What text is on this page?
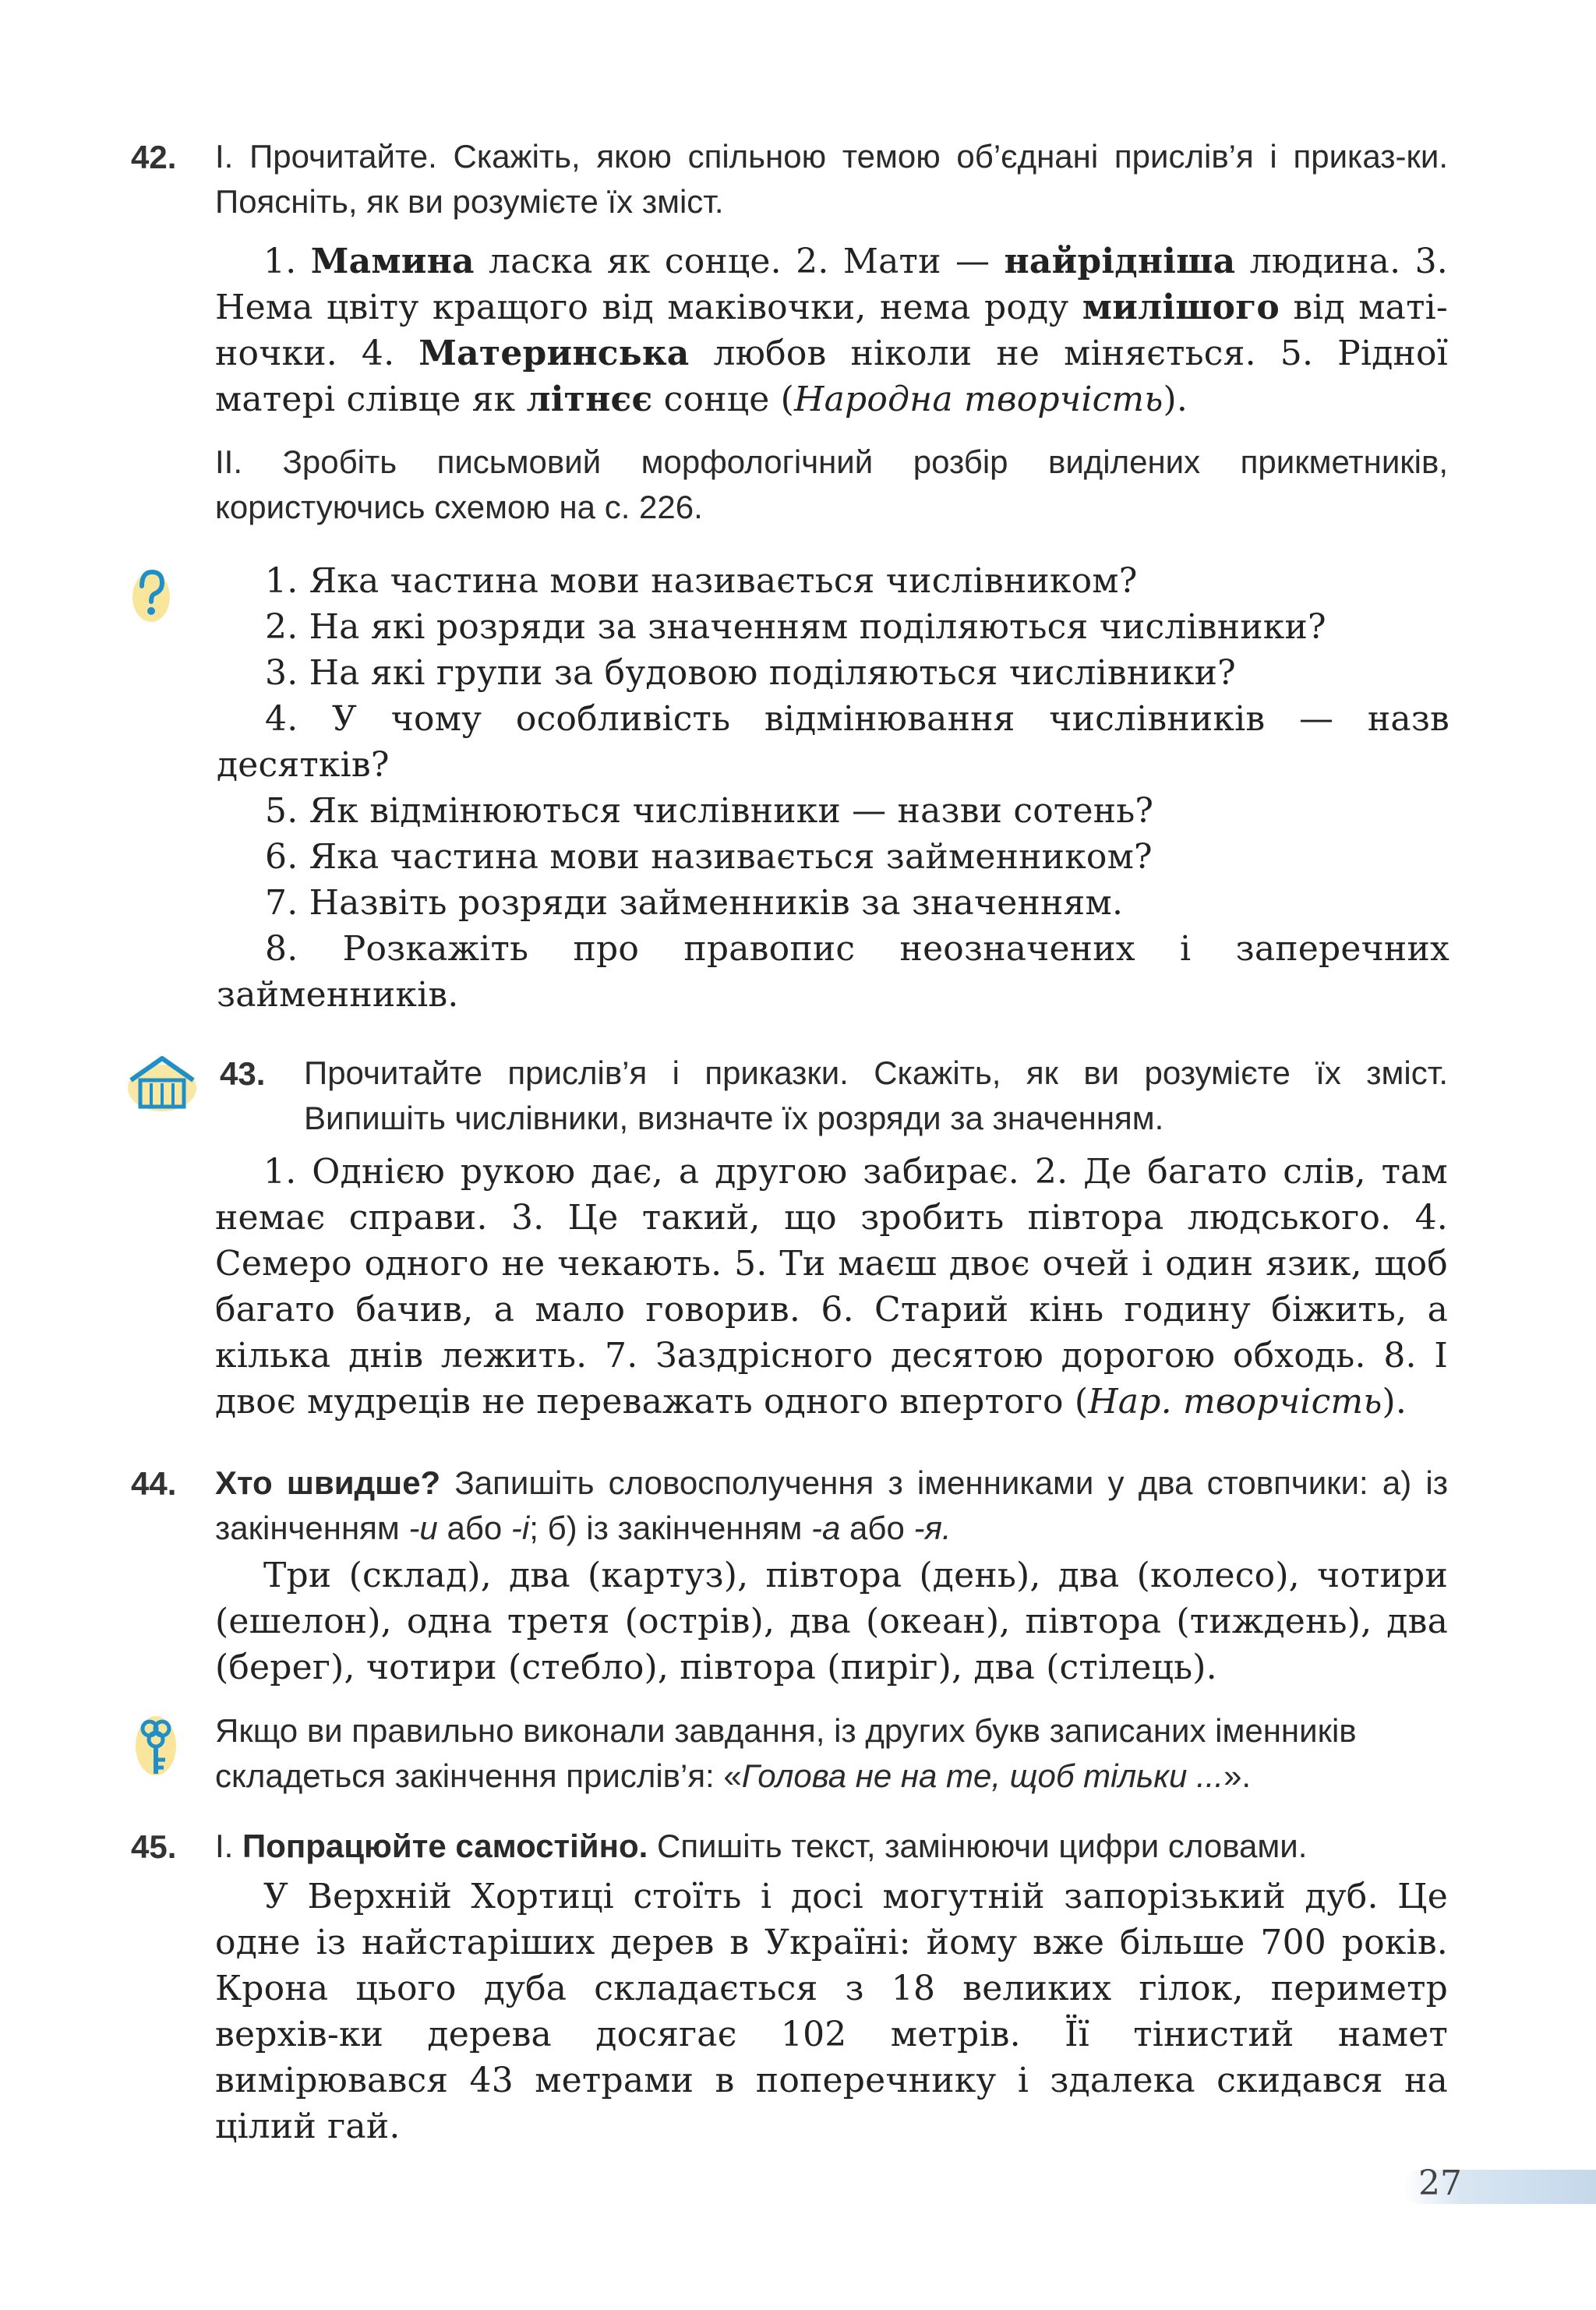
42. І. Прочитайте. Скажіть, якою спільною темою об’єднані прислів’я і приказ-ки. Поясніть, як ви розумієте їх зміст.
1. Мамина ласка як сонце. 2. Мати — найрідніша людина. 3. Нема цвіту кращого від маківочки, нема роду милішого від маті-ночки. 4. Материнська любов ніколи не міняється. 5. Рідної матері слівце як літнєє сонце (Народна творчість).
ІІ. Зробіть письмовий морфологічний розбір виділених прикметників, користуючись схемою на с. 226.

1. Яка частина мови називається числівником?

2. На які розряди за значенням поділяються числівники?

3. На які групи за будовою поділяються числівники?

4. У чому особливість відмінювання числівників — назв десятків?

5. Як відмінюються числівники — назви сотень?

6. Яка частина мови називається займенником?

7. Назвіть розряди займенників за значенням.

8. Розкажіть про правопис неозначених і заперечних займенників.

43. Прочитайте прислів’я і приказки. Скажіть, як ви розумієте їх зміст. Випишіть числівники, визначте їх розряди за значенням.
1. Однією рукою дає, а другою забирає. 2. Де багато слів, там немає справи. 3. Це такий, що зробить півтора людського. 4. Семеро одного не чекають. 5. Ти маєш двоє очей і один язик, щоб багато бачив, а мало говорив. 6. Старий кінь годину біжить, а кілька днів лежить. 7. Заздрісного десятою дорогою обходь. 8. І двоє мудреців не переважать одного впертого (Нар. творчість).
44. Хто швидше? Запишіть словосполучення з іменниками у два стовпчики: а) із закінченням -и або -і; б) із закінченням -а або -я.
Три (склад), два (картуз), півтора (день), два (колесо), чотири (ешелон), одна третя (острів), два (океан), півтора (тиждень), два (берег), чотири (стебло), півтора (пиріг), два (стілець).
Якщо ви правильно виконали завдання, із других букв записаних іменників складеться закінчення прислів’я: «Голова не на те, щоб тільки ...».
45. І. Попрацюйте самостійно. Спишіть текст, замінюючи цифри словами.
У Верхній Хортиці стоїть і досі могутній запорізький дуб. Це одне із найстаріших дерев в Україні: йому вже більше 700 років. Крона цього дуба складається з 18 великих гілок, периметр верхів-ки дерева досягає 102 метрів. Її тінистий намет вимірювався 43 метрами в поперечнику і здалека скидався на цілий гай.
27
